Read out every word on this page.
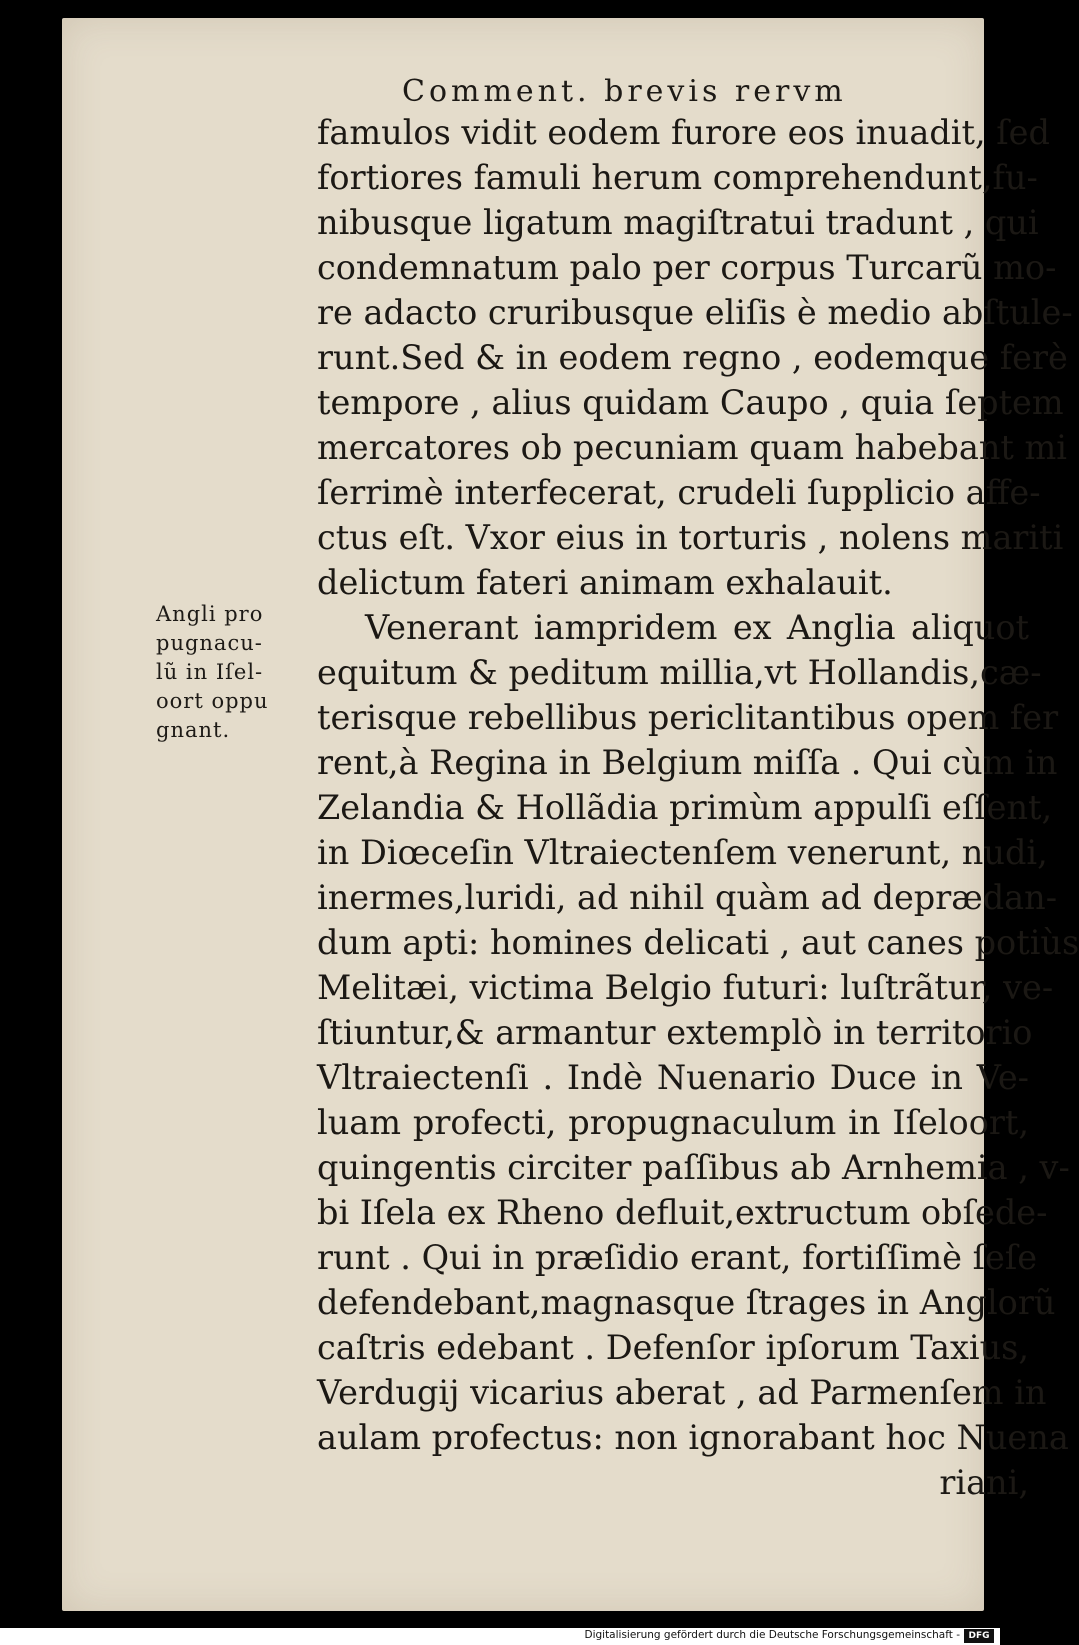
Comment. brevis rervm
famulos vidit eodem furore eos inuadit, ſed
fortiores famuli herum comprehendunt,fu-
nibusque ligatum magiſtratui tradunt , qui
condemnatum palo per corpus Turcarũ mo-
re adacto cruribusque eliſis è medio abſtule-
runt.Sed & in eodem regno , eodemque ferè
tempore , alius quidam Caupo , quia ſeptem
mercatores ob pecuniam quam habebant mi
ſerrimè interfecerat, crudeli ſupplicio affe-
ctus eſt. Vxor eius in torturis , nolens mariti
delictum fateri animam exhalauit.
Venerant iampridem ex Anglia aliquot
equitum & peditum millia,vt Hollandis,cæ-
terisque rebellibus periclitantibus opem fer
rent,à Regina in Belgium miſſa . Qui cùm in
Zelandia & Hollãdia primùm appulſi eſſent,
in Diœceſin Vltraiectenſem venerunt, nudi,
inermes,luridi, ad nihil quàm ad deprædan-
dum apti: homines delicati , aut canes potiùs
Melitæi, victima Belgio futuri: luſtrãtur, ve-
ſtiuntur,& armantur extemplò in territorio
Vltraiectenſi . Indè Nuenario Duce in Ve-
luam profecti, propugnaculum in Iſeloort,
quingentis circiter paſſibus ab Arnhemia , v-
bi Iſela ex Rheno defluit,extructum obſede-
runt . Qui in præſidio erant, fortiſſimè ſeſe
defendebant,magnasque ſtrages in Anglorũ
caſtris edebant . Defenſor ipſorum Taxius,
Verdugij vicarius aberat , ad Parmenſem in
aulam profectus: non ignorabant hoc Nuena
riani,
Angli pro
pugnacu-
lũ in Iſel-
oort oppu
gnant.
Digitalisierung gefördert durch die Deutsche Forschungsgemeinschaft - DFG
